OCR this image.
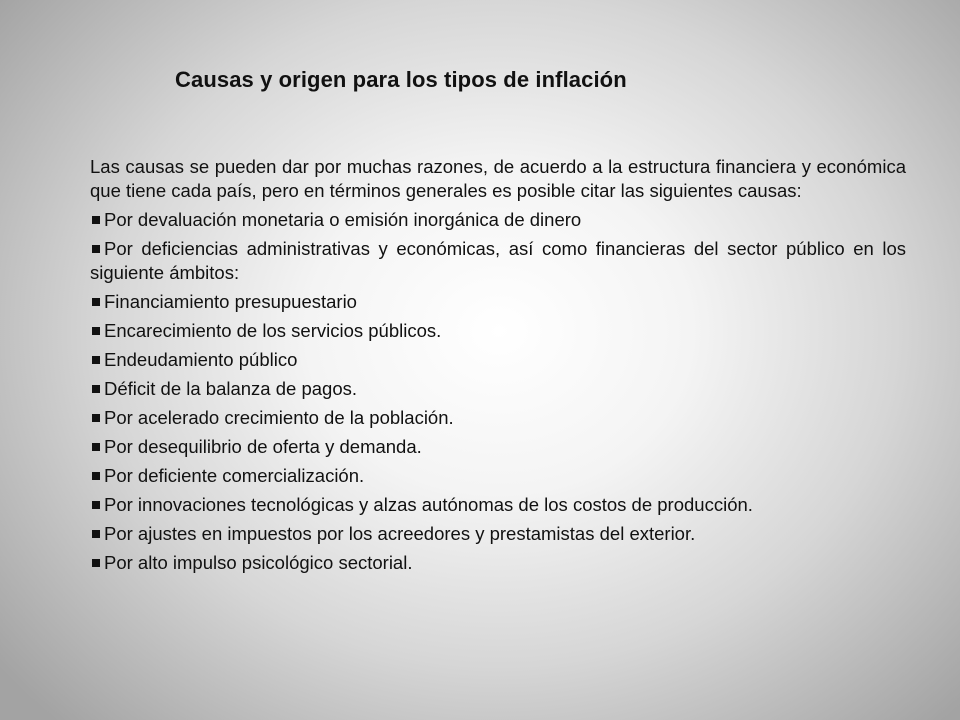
Causas y origen para los tipos de inflación

Las causas se pueden dar por muchas razones, de acuerdo a la estructura financiera y económica que tiene cada país, pero en términos generales es posible citar las siguientes causas:

Por devaluación monetaria o emisión inorgánica de dinero
Por deficiencias administrativas y económicas, así como financieras del sector público en los siguiente ámbitos:
Financiamiento presupuestario
Encarecimiento de los servicios públicos.
Endeudamiento público
Déficit de la balanza de pagos.
Por acelerado crecimiento de la población.
Por desequilibrio de oferta y demanda.
Por deficiente comercialización.
Por innovaciones tecnológicas y alzas autónomas de los costos de producción.
Por ajustes en impuestos por los acreedores y prestamistas del exterior.
Por alto impulso psicológico sectorial.
